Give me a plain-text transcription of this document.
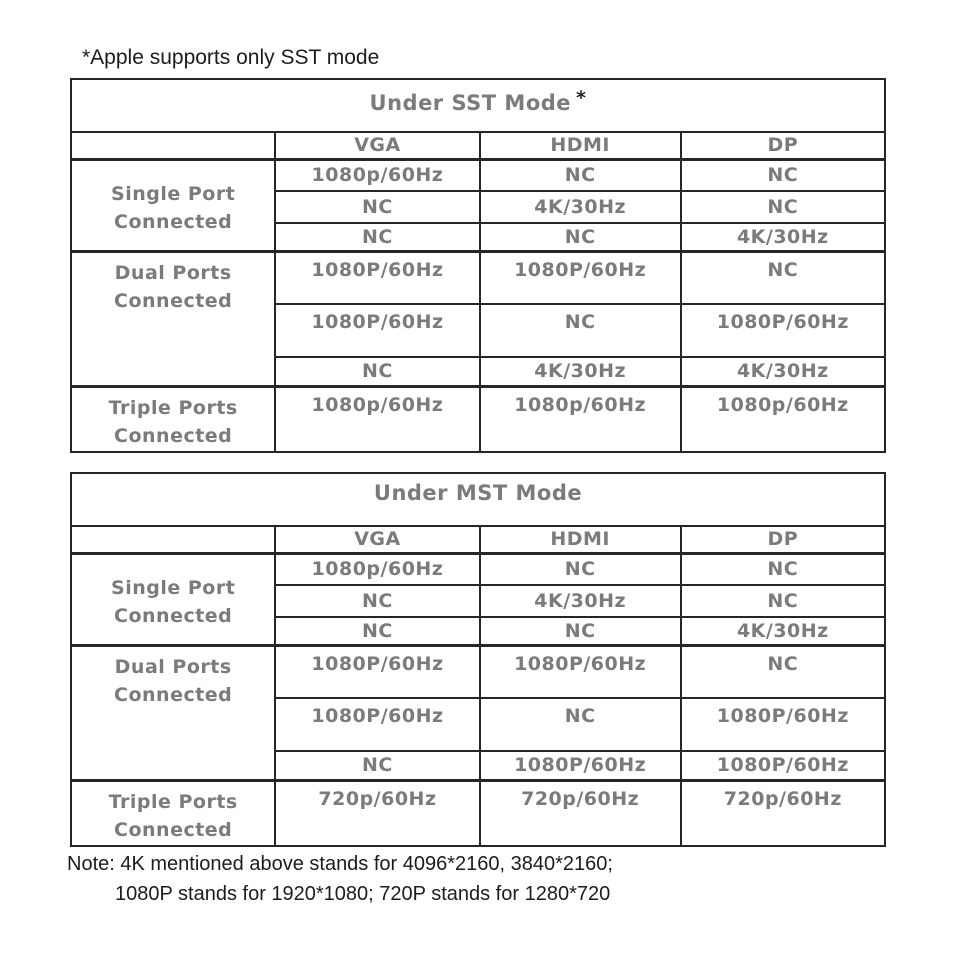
*Apple supports only SST mode
Under SST Mode *			
	VGA	HDMI	DP
Single Port Connected	1080p/60Hz	NC	NC
	NC	4K/30Hz	NC
	NC	NC	4K/30Hz
Dual Ports Connected	1080P/60Hz	1080P/60Hz	NC
	1080P/60Hz	NC	1080P/60Hz
	NC	4K/30Hz	4K/30Hz
Triple Ports Connected	1080p/60Hz	1080p/60Hz	1080p/60Hz
Under MST Mode			
	VGA	HDMI	DP
Single Port Connected	1080p/60Hz	NC	NC
	NC	4K/30Hz	NC
	NC	NC	4K/30Hz
Dual Ports Connected	1080P/60Hz	1080P/60Hz	NC
	1080P/60Hz	NC	1080P/60Hz
	NC	1080P/60Hz	1080P/60Hz
Triple Ports Connected	720p/60Hz	720p/60Hz	720p/60Hz
Note: 4K mentioned above stands for 4096*2160, 3840*2160;
1080P stands for 1920*1080; 720P stands for 1280*720
